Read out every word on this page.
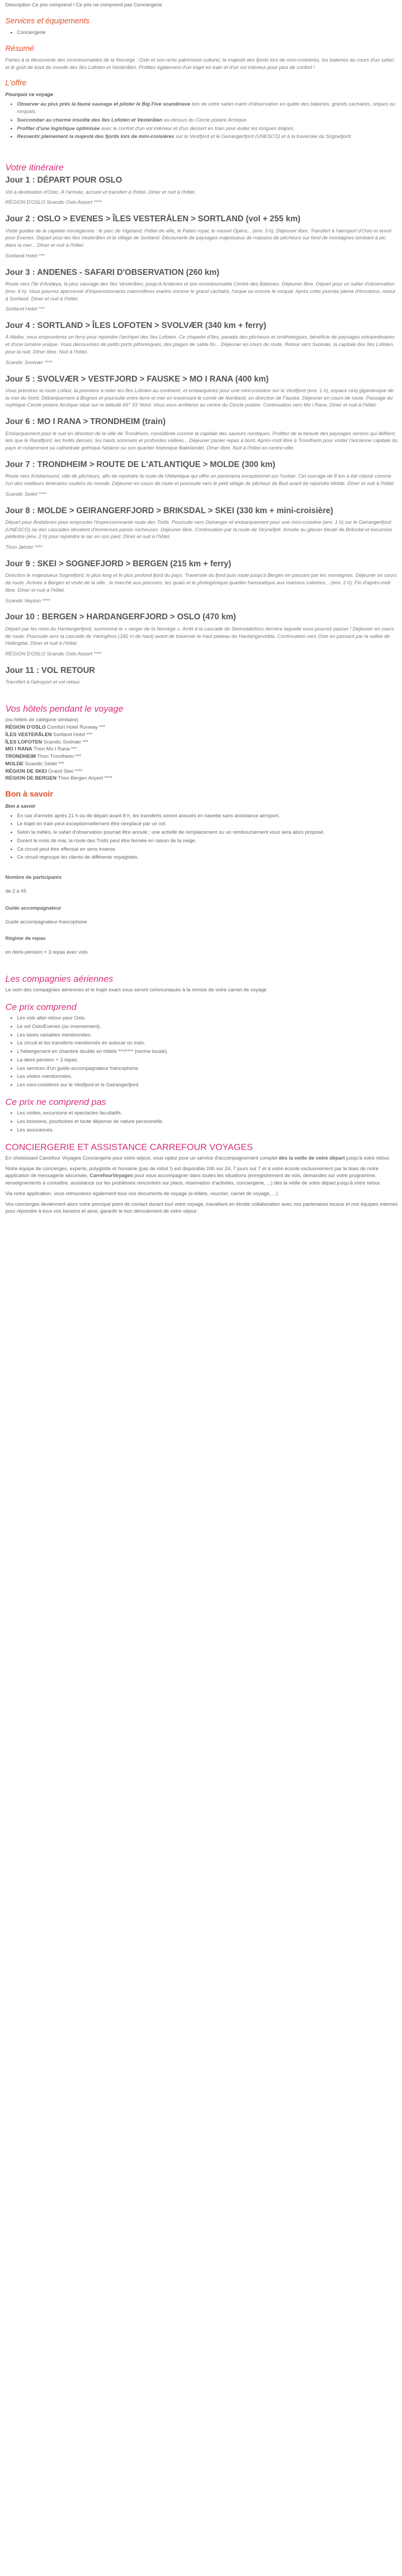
Description Ce prix comprend / Ce prix ne comprend pas Conciergerie
Services et équipements
• Conciergerie
Résumé

Partez à la découverte des incontournables de la Norvège : Oslo et son riche patrimoine culturel, la majesté des fjords lors de mini-croisières, les baleines au cours d'un safari, et le goût de bout du monde des îles Lofoten et Vesterålen. Profitez également d'un trajet en train et d'un vol intérieur pour plus de confort !

L'offre
Pourquoi ce voyage
• Observer au plus près la faune sauvage et piloter le Big Five scandinave lors de votre safari marin d'observation en quête des baleines, grands cachalots, orques ou rorquals.
• Succomber au charme insolite des îles Lofoten et Vesterålen au-dessus du Cercle polaire Arctique.
• Profiter d'une logistique optimisée avec le confort d'un vol intérieur et d'un dessert en train pour éviter les longues étapes.
• Ressentir pleinement la majesté des fjords lors de mini-croisières sur le Vestfjord et le Geirangerfjord (UNESCO) et à la traversée du Sognefjord.
Votre itinéraire
Jour 1 : DÉPART POUR OSLO

Vol à destination d'Oslo. À l'arrivée, accueil et transfert à l'hôtel. Dîner et nuit à l'hôtel.

RÉGION D'OSLO Scandic Oslo Airport ****

Jour 2 : OSLO > EVENES > ÎLES VESTERÅLEN > SORTLAND (vol + 255 km)

Visite guidée de la capitale norvégienne : le parc de Vigeland, l'hôtel de ville, le Palais royal, le nouvel Opéra... (env. 3 h). Déjeuner libre. Transfert à l'aéroport d'Oslo et envol pour Evenes. Départ pour les îles Vesterålen et le village de Sortland. Découverte de paysages majestueux de maisons de pêcheurs sur fond de montagnes tombant à pic dans la mer... Dîner et nuit à l'hôtel.

Sortland Hotel ***

Jour 3 : ANDENES - SAFARI D'OBSERVATION (260 km)

Route vers l'île d'Andøya, la plus sauvage des îles Vesterålen, jusqu'à Andenes et son incontournable Centre des Baleines. Déjeuner libre. Départ pour un safari d'observation (env. 4 h). Vous pourrez apercevoir d'impressionnants mammifères marins comme le grand cachalot, l'orque ou encore le rorqual. Après cette journée pleine d'émotions, retour à Sortland. Dîner et nuit à l'hôtel.

Sortland Hotel ***

Jour 4 : SORTLAND > ÎLES LOFOTEN > SVOLVÆR (340 km + ferry)

À Melbu, vous emprunterez un ferry pour rejoindre l'archipel des îles Lofoten. Ce chapelet d'îles, paradis des pêcheurs et ornithologues, bénéficie de paysages extraordinaires et d'une lumière unique. Vous découvrirez de petits ports pittoresques, des plages de sable fin... Déjeuner en cours de route. Retour vers Svolvær, la capitale des îles Lofoten, pour la nuit. Dîner libre. Nuit à l'hôtel.

Scandic Svolvær ****

Jour 5 : SVOLVÆR > VESTFJORD > FAUSKE > MO I RANA (400 km)

Vous prendrez la route Lofast, la première à relier les îles Lofoten au continent, et embarquerez pour une mini-croisière sur le Vestfjord (env. 1 h), espace cinq gigantesque de la mer du Nord. Débarquement à Bognes et poursuite entre terre et mer en traversant le comté de Nordland, en direction de Fauske. Déjeuner en cours de route. Passage du mythique Cercle polaire Arctique situé sur la latitude 66° 33' Nord. Vous vous arrêterez au centre du Cercle polaire. Continuation vers Mo i Rana. Dîner et nuit à l'hôtel.

Jour 6 : MO I RANA > TRONDHEIM (train)

Embarquement pour le sud en direction de la ville de Trondheim, considérée comme la capitale des saveurs nordiques. Profitez de la beauté des paysages sereins qui défilent, tels que le Randfjord, les forêts denses, les hauts sommets et profondes vallées... Déjeuner panier repas à bord. Après-midi libre à Trondheim pour visiter l'ancienne capitale du pays et notamment sa cathédrale gothique Nidaros ou son quartier historique Bakklandet. Dîner libre. Nuit à l'hôtel en centre-ville.

Jour 7 : TRONDHEIM > ROUTE DE L'ATLANTIQUE > MOLDE (300 km)

Route vers Kristiansund, ville de pêcheurs, afin de rejoindre la route de l'Atlantique qui offre un panorama exceptionnel sur l'océan. Cet ouvrage de 8 km a été classé comme l'un des meilleurs itinéraires routiers du monde. Déjeuner en cours de route et poursuite vers le petit village de pêcheur de Bud avant de rejoindre Molde. Dîner et nuit à l'hôtel.

Scandic Seilet ****

Jour 8 : MOLDE > GEIRANGERFJORD > BRIKSDAL > SKEI (330 km + mini-croisière)

Départ pour Åndalsnes pour emprunter l'impressionnante route des Trolls. Poursuite vers Geiranger et embarquement pour une mini-croisière (env. 1 h) sur le Geirangerfjord (UNESCO) où des cascades dévalent d'immenses parois rocheuses. Déjeuner libre. Continuation par la route de Strynefjell. Arrivée au glacier bleuté de Briksdal et excursion pédestre (env. 2 h) pour rejoindre le lac en son pied. Dîner et nuit à l'hôtel.

Thon Jølster ****

Jour 9 : SKEI > SOGNEFJORD > BERGEN (215 km + ferry)

Direction le majestueux Sognefjord, le plus long et le plus profond fjord du pays. Traversée du fjord puis route jusqu'à Bergen en passant par les montagnes. Déjeuner en cours de route. Arrivée à Bergen et visite de la ville : le marché aux poissons, les quais et le photogénique quartier hanséatique aux maisons colorées... (env. 2 h). Fin d'après-midi libre. Dîner et nuit à l'hôtel.

Scandic Neptun ****

Jour 10 : BERGEN > HARDANGERFJORD > OSLO (470 km)

Départ par les rives du Hardangerfjord, surnommé le « verger de la Norvège ». Arrêt à la cascade de Steinsdalsfoss derrière laquelle vous pourrez passer ! Déjeuner en cours de route. Poursuite vers la cascade de Vøringfoss (182 m de haut) avant de traverser le haut plateau du Hardangervidda. Continuation vers Oslo en passant par la vallée de Hallingdal. Dîner et nuit à l'hôtel.

RÉGION D'OSLO Scandic Oslo Airport ****

Jour 11 : VOL RETOUR

Transfert à l'aéroport et vol retour.

Vos hôtels pendant le voyage

(ou hôtels de catégorie similaire)

RÉGION D'OSLO Comfort Hotel Runway ***

ÎLES VESTERÅLEN Sortland Hotel ***

ÎLES LOFOTEN Scandic Svolvær ***

MO I RANA Thon Mo I Rana ***

TRONDHEIM Thon Trondheim ***

MOLDE Scandic Seilet ***

RÉGION DE SKEI Grand Skei ****

RÉGION DE BERGEN Thon Bergen Airport ****

Bon à savoir
Bon à savoir
• En cas d'arrivée après 21 h ou de départ avant 8 h, les transferts seront assurés en navette sans assistance aéroport.
• Le trajet en train peut exceptionnellement être remplacé par un vol.
• Selon la météo, le safari d'observation pourrait être annulé ; une activité de remplacement ou un remboursement vous sera alors proposé.
• Durant le mois de mai, la route des Trolls peut être fermée en raison de la neige.
• Ce circuit peut être effectué en sens inverse.
• Ce circuit regroupe les clients de différents voyagistes.

Nombre de participants

de 2 à 45

Guide accompagnateur

Guide accompagnateur francophone

Régime de repas

en demi-pension + 3 repas avec vols

Les compagnies aériennes

Le nom des compagnies aériennes et le trajet exact vous seront communiqués à la remise de votre carnet de voyage

Ce prix comprend
• Les vols aller-retour pour Oslo.
• Le vol Oslo/Evenes (ou inversement).
• Les taxes variables mentionnées.
• Le circuit et les transferts mentionnés en autocar ou train.
• L'hébergement en chambre double en hôtels ***/**** (norme locale).
• La demi-pension + 3 repas.
• Les services d'un guide-accompagnateur francophone.
• Les visites mentionnées.
• Les mini-croisières sur le Vestfjord et le Geirangerfjord.
Ce prix ne comprend pas
• Les visites, excursions et spectacles facultatifs.
• Les boissons, pourboires et toute dépense de nature personnelle.
• Les assurances.
CONCIERGERIE ET ASSISTANCE CARREFOUR VOYAGES

En choisissant Carrefour Voyages Conciergerie pour votre séjour, vous optez pour un service d'accompagnement complet dès la veille de votre départ jusqu'à votre retour.

Notre équipe de concierges, experte, polyglotte et humaine (pas de robot !) est disponible 24h sur 24, 7 jours sur 7 et à votre écoute exclusivement par le biais de notre application de messagerie sécurisée, CarrefourVoyages pour vous accompagner dans toutes les situations (enregistrement de vols, demandes sur votre programme, renseignements à connaître, assistance sur les problèmes rencontrés sur place, réservation d'activités, conciergerie, ...) dès la veille de votre départ jusqu'à votre retour.

Via notre application, vous retrouverez également tous vos documents de voyage (e-billets, voucher, carnet de voyage, ...)

Vos concierges deviennent alors votre principal point de contact durant tout votre voyage, travaillant en étroite collaboration avec nos partenaires locaux et nos équipes internes pour répondre à tous vos besoins et ainsi, garantir le bon déroulement de votre séjour.
